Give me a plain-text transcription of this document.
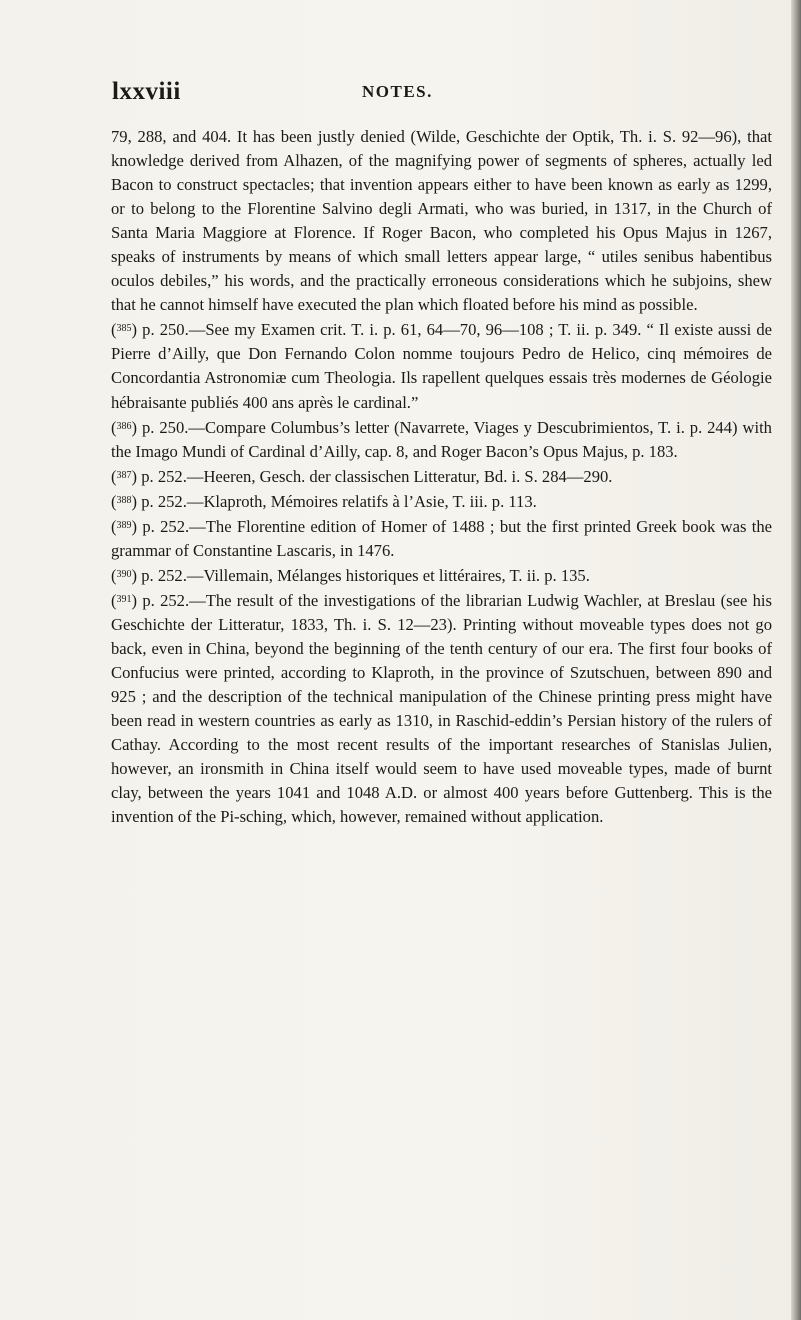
lxxviii	NOTES.

79, 288, and 404. It has been justly denied (Wilde, Geschichte der Optik, Th. i. S. 92—96), that knowledge derived from Alhazen, of the magnifying power of segments of spheres, actually led Bacon to construct spectacles; that invention appears either to have been known as early as 1299, or to belong to the Florentine Salvino degli Armati, who was buried, in 1317, in the Church of Santa Maria Maggiore at Florence. If Roger Bacon, who completed his Opus Majus in 1267, speaks of instruments by means of which small letters appear large, “ utiles senibus habentibus oculos debiles,” his words, and the practically erroneous considerations which he subjoins, shew that he cannot himself have executed the plan which floated before his mind as possible.

($^{385}$) p. 250.—See my Examen crit. T. i. p. 61, 64—70, 96—108 ; T. ii. p. 349. “ Il existe aussi de Pierre d’Ailly, que Don Fernando Colon nomme toujours Pedro de Helico, cinq mémoires de Concordantia Astronomiæ cum Theologia. Ils rapellent quelques essais très modernes de Géologie hébraisante publiés 400 ans après le cardinal.”

($^{386}$) p. 250.—Compare Columbus’s letter (Navarrete, Viages y Descubrimientos, T. i. p. 244) with the Imago Mundi of Cardinal d’Ailly, cap. 8, and Roger Bacon’s Opus Majus, p. 183.

($^{387}$) p. 252.—Heeren, Gesch. der classischen Litteratur, Bd. i. S. 284—290.

($^{388}$) p. 252.—Klaproth, Mémoires relatifs à l’Asie, T. iii. p. 113.

($^{389}$) p. 252.—The Florentine edition of Homer of 1488 ; but the first printed Greek book was the grammar of Constantine Lascaris, in 1476.

($^{390}$) p. 252.—Villemain, Mélanges historiques et littéraires, T. ii. p. 135.

($^{391}$) p. 252.—The result of the investigations of the librarian Ludwig Wachler, at Breslau (see his Geschichte der Litteratur, 1833, Th. i. S. 12—23). Printing without moveable types does not go back, even in China, beyond the beginning of the tenth century of our era. The first four books of Confucius were printed, according to Klaproth, in the province of Szutschuen, between 890 and 925 ; and the description of the technical manipulation of the Chinese printing press might have been read in western countries as early as 1310, in Raschid-eddin’s Persian history of the rulers of Cathay. According to the most recent results of the important researches of Stanislas Julien, however, an ironsmith in China itself would seem to have used moveable types, made of burnt clay, between the years 1041 and 1048 A.D. or almost 400 years before Guttenberg. This is the invention of the Pi-sching, which, however, remained without application.
